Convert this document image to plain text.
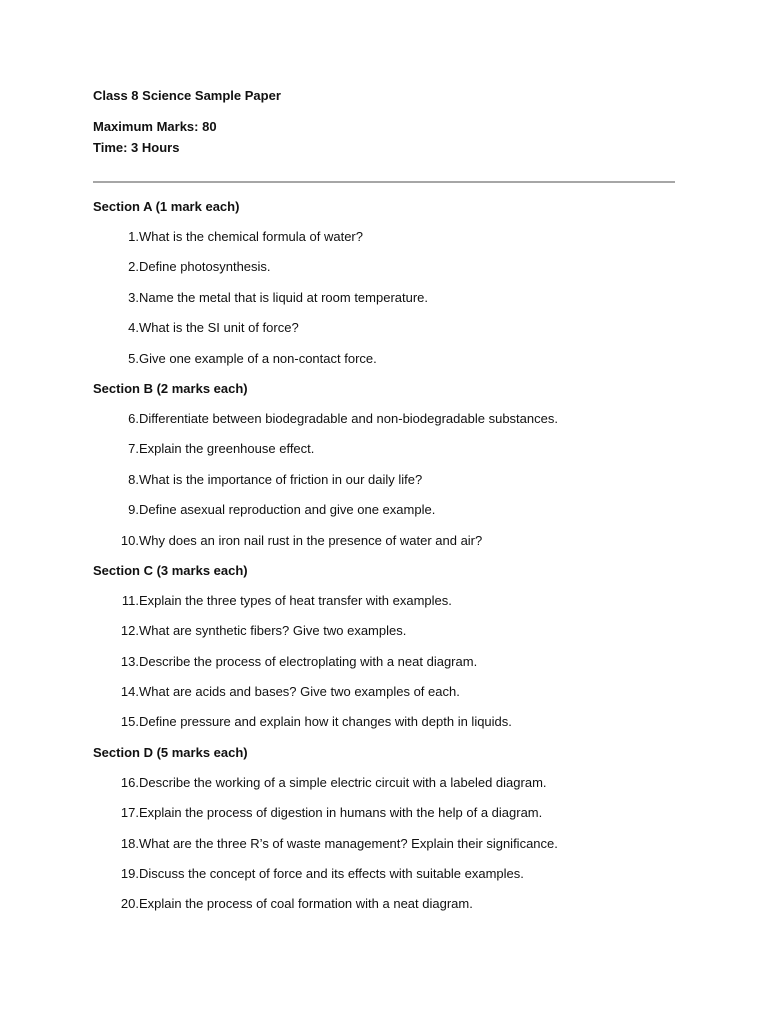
Class 8 Science Sample Paper
Maximum Marks: 80
Time: 3 Hours
Section A (1 mark each)
1. What is the chemical formula of water?
2. Define photosynthesis.
3. Name the metal that is liquid at room temperature.
4. What is the SI unit of force?
5. Give one example of a non-contact force.
Section B (2 marks each)
6. Differentiate between biodegradable and non-biodegradable substances.
7. Explain the greenhouse effect.
8. What is the importance of friction in our daily life?
9. Define asexual reproduction and give one example.
10. Why does an iron nail rust in the presence of water and air?
Section C (3 marks each)
11. Explain the three types of heat transfer with examples.
12. What are synthetic fibers? Give two examples.
13. Describe the process of electroplating with a neat diagram.
14. What are acids and bases? Give two examples of each.
15. Define pressure and explain how it changes with depth in liquids.
Section D (5 marks each)
16. Describe the working of a simple electric circuit with a labeled diagram.
17. Explain the process of digestion in humans with the help of a diagram.
18. What are the three R’s of waste management? Explain their significance.
19. Discuss the concept of force and its effects with suitable examples.
20. Explain the process of coal formation with a neat diagram.
